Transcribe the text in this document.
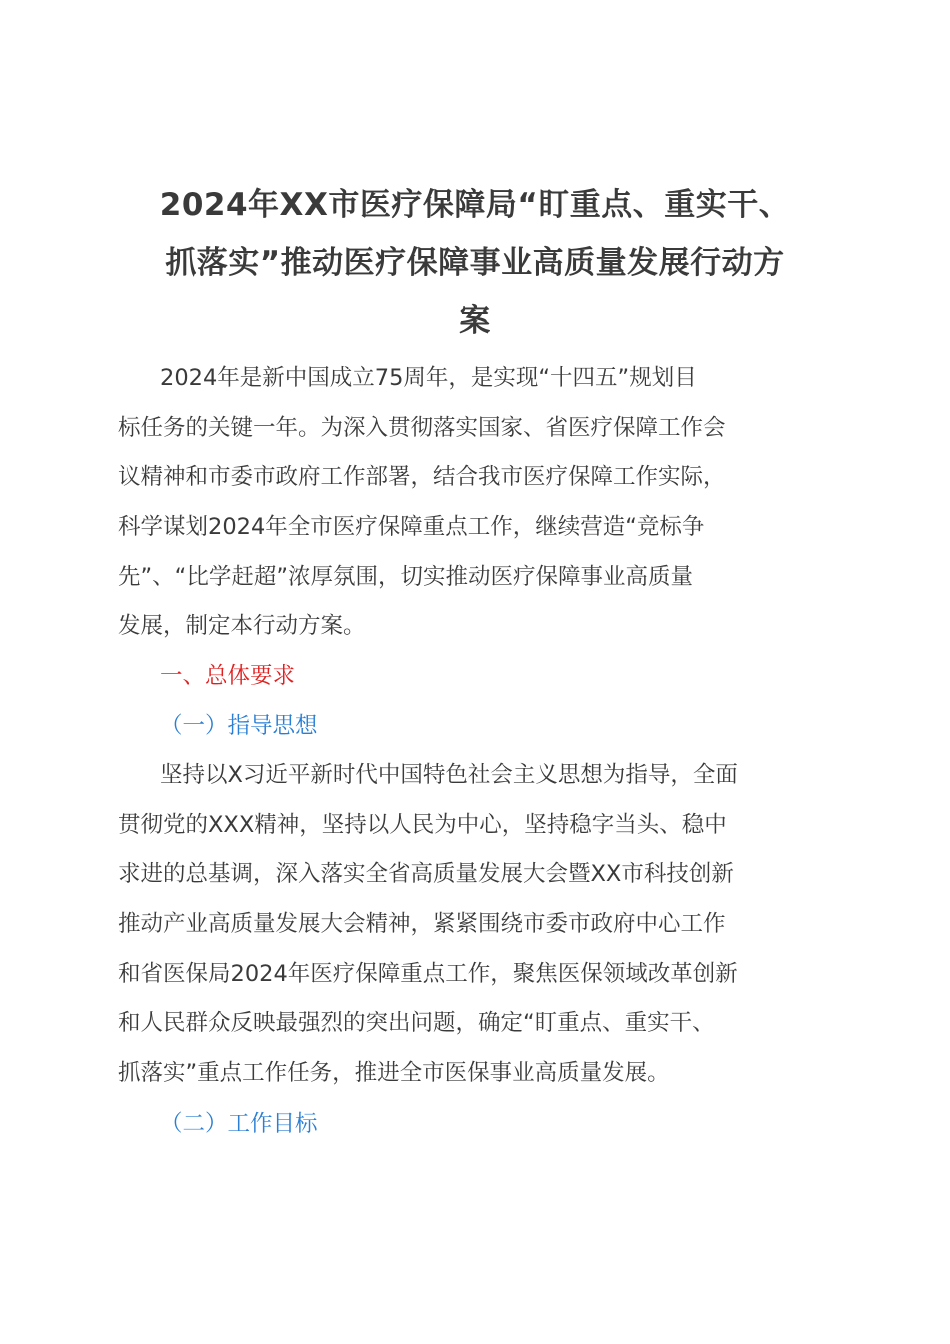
2024年XX市医疗保障局“盯重点、重实干、
抓落实”推动医疗保障事业高质量发展行动方
案
2024年是新中国成立75周年，是实现“十四五”规划目
标任务的关键一年。为深入贯彻落实国家、省医疗保障工作会
议精神和市委市政府工作部署，结合我市医疗保障工作实际，
科学谋划2024年全市医疗保障重点工作，继续营造“竞标争
先”、“比学赶超”浓厚氛围，切实推动医疗保障事业高质量
发展，制定本行动方案。
一、总体要求
（一）指导思想
坚持以X习近平新时代中国特色社会主义思想为指导，全面
贯彻党的XXX精神，坚持以人民为中心，坚持稳字当头、稳中
求进的总基调，深入落实全省高质量发展大会暨XX市科技创新
推动产业高质量发展大会精神，紧紧围绕市委市政府中心工作
和省医保局2024年医疗保障重点工作，聚焦医保领域改革创新
和人民群众反映最强烈的突出问题，确定“盯重点、重实干、
抓落实”重点工作任务，推进全市医保事业高质量发展。
（二）工作目标
